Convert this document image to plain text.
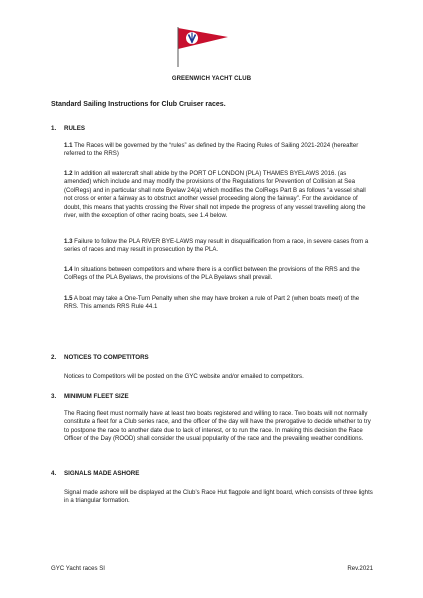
GREENWICH YACHT CLUB
Standard Sailing Instructions for Club Cruiser races.
1. RULES
1.1 The Races will be governed by the “rules” as defined by the Racing Rules of Sailing 2021-2024 (hereafter referred to the RRS)
1.2 In addition all watercraft shall abide by the PORT OF LONDON (PLA) THAMES BYELAWS 2016. (as amended) which include and may modify the provisions of the Regulations for Prevention of Collision at Sea (ColRegs) and in particular shall note Byelaw 24(a) which modifies the ColRegs Part B as follows “a vessel shall not cross or enter a fairway as to obstruct another vessel proceeding along the fairway”. For the avoidance of doubt, this means that yachts crossing the River shall not impede the progress of any vessel travelling along the river, with the exception of other racing boats, see 1.4 below.
1.3 Failure to follow the PLA RIVER BYE-LAWS may result in disqualification from a race, in severe cases from a series of races and may result in prosecution by the PLA.
1.4 In situations between competitors and where there is a conflict between the provisions of the RRS and the ColRegs of the PLA Byelaws, the provisions of the PLA Byelaws shall prevail.
1.5 A boat may take a One-Turn Penalty when she may have broken a rule of Part 2 (when boats meet) of the RRS. This amends RRS Rule 44.1
2. NOTICES TO COMPETITORS
Notices to Competitors will be posted on the GYC website and/or emailed to competitors.
3. MINIMUM FLEET SIZE
The Racing fleet must normally have at least two boats registered and willing to race. Two boats will not normally constitute a fleet for a Club series race, and the officer of the day will have the prerogative to decide whether to try to postpone the race to another date due to lack of interest, or to run the race. In making this decision the Race Officer of the Day (ROOD) shall consider the usual popularity of the race and the prevailing weather conditions.
4. SIGNALS MADE ASHORE
Signal made ashore will be displayed at the Club’s Race Hut flagpole and light board, which consists of three lights in a triangular formation.
GYC Yacht races SI	Rev.2021
